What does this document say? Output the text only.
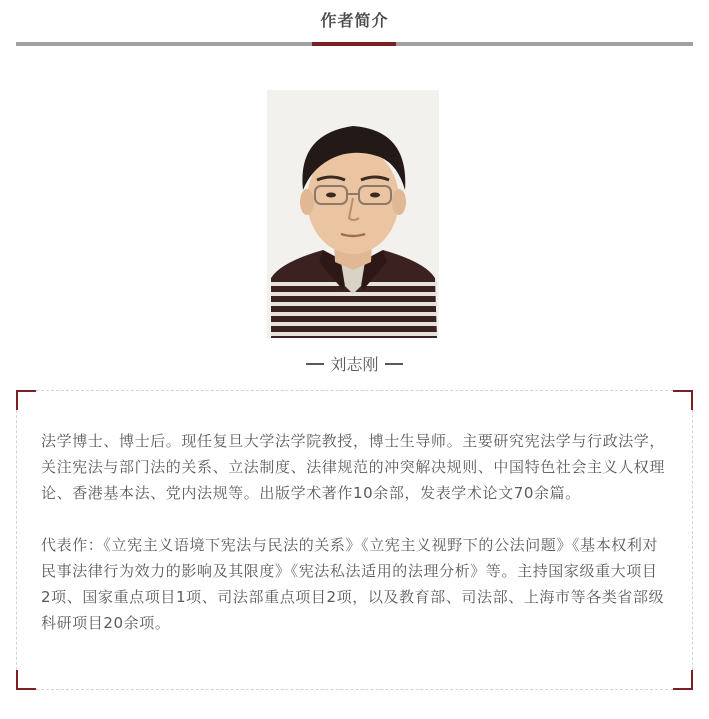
作者简介
刘志刚

法学博士、博士后。现任复旦大学法学院教授，博士生导师。主要研究宪法学与行政法学，关注宪法与部门法的关系、立法制度、法律规范的冲突解决规则、中国特色社会主义人权理论、香港基本法、党内法规等。出版学术著作10余部，发表学术论文70余篇。

代表作：《立宪主义语境下宪法与民法的关系》《立宪主义视野下的公法问题》《基本权利对民事法律行为效力的影响及其限度》《宪法私法适用的法理分析》等。主持国家级重大项目2项、国家重点项目1项、司法部重点项目2项，以及教育部、司法部、上海市等各类省部级科研项目20余项。
